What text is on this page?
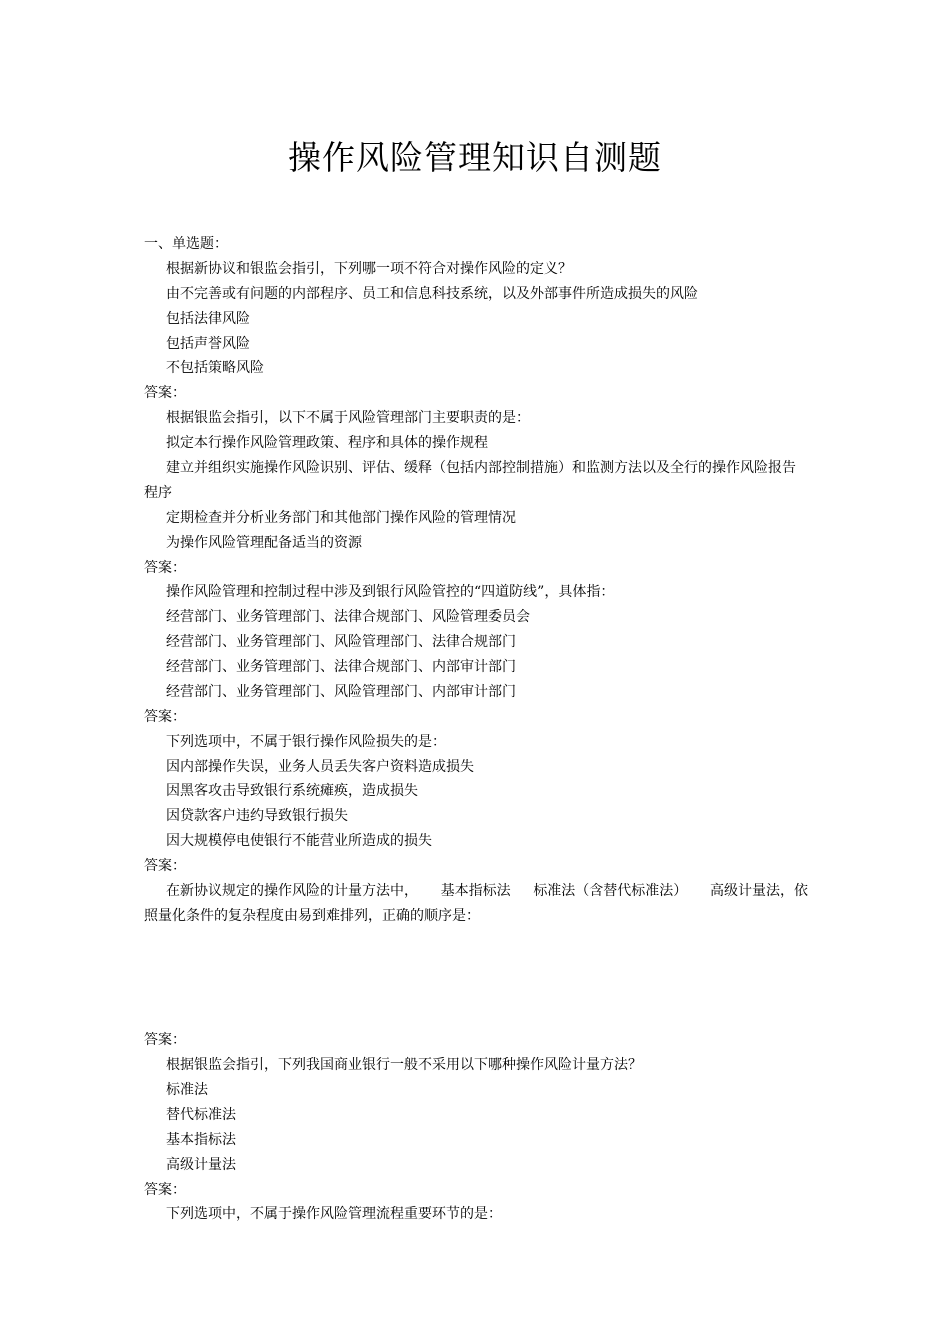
操作风险管理知识自测题
一、单选题：
根据新协议和银监会指引，下列哪一项不符合对操作风险的定义？
由不完善或有问题的内部程序、员工和信息科技系统，以及外部事件所造成损失的风险
包括法律风险
包括声誉风险
不包括策略风险
答案：
根据银监会指引，以下不属于风险管理部门主要职责的是：
拟定本行操作风险管理政策、程序和具体的操作规程
建立并组织实施操作风险识别、评估、缓释（包括内部控制措施）和监测方法以及全行的操作风险报告
程序
定期检查并分析业务部门和其他部门操作风险的管理情况
为操作风险管理配备适当的资源
答案：
操作风险管理和控制过程中涉及到银行风险管控的“四道防线”，具体指：
经营部门、业务管理部门、法律合规部门、风险管理委员会
经营部门、业务管理部门、风险管理部门、法律合规部门
经营部门、业务管理部门、法律合规部门、内部审计部门
经营部门、业务管理部门、风险管理部门、内部审计部门
答案：
下列选项中，不属于银行操作风险损失的是：
因内部操作失误，业务人员丢失客户资料造成损失
因黑客攻击导致银行系统瘫痪，造成损失
因贷款客户违约导致银行损失
因大规模停电使银行不能营业所造成的损失
答案：
在新协议规定的操作风险的计量方法中， 基本指标法 标准法（含替代标准法） 高级计量法，依
照量化条件的复杂程度由易到难排列，正确的顺序是：
答案：
根据银监会指引，下列我国商业银行一般不采用以下哪种操作风险计量方法？
标准法
替代标准法
基本指标法
高级计量法
答案：
下列选项中，不属于操作风险管理流程重要环节的是：
